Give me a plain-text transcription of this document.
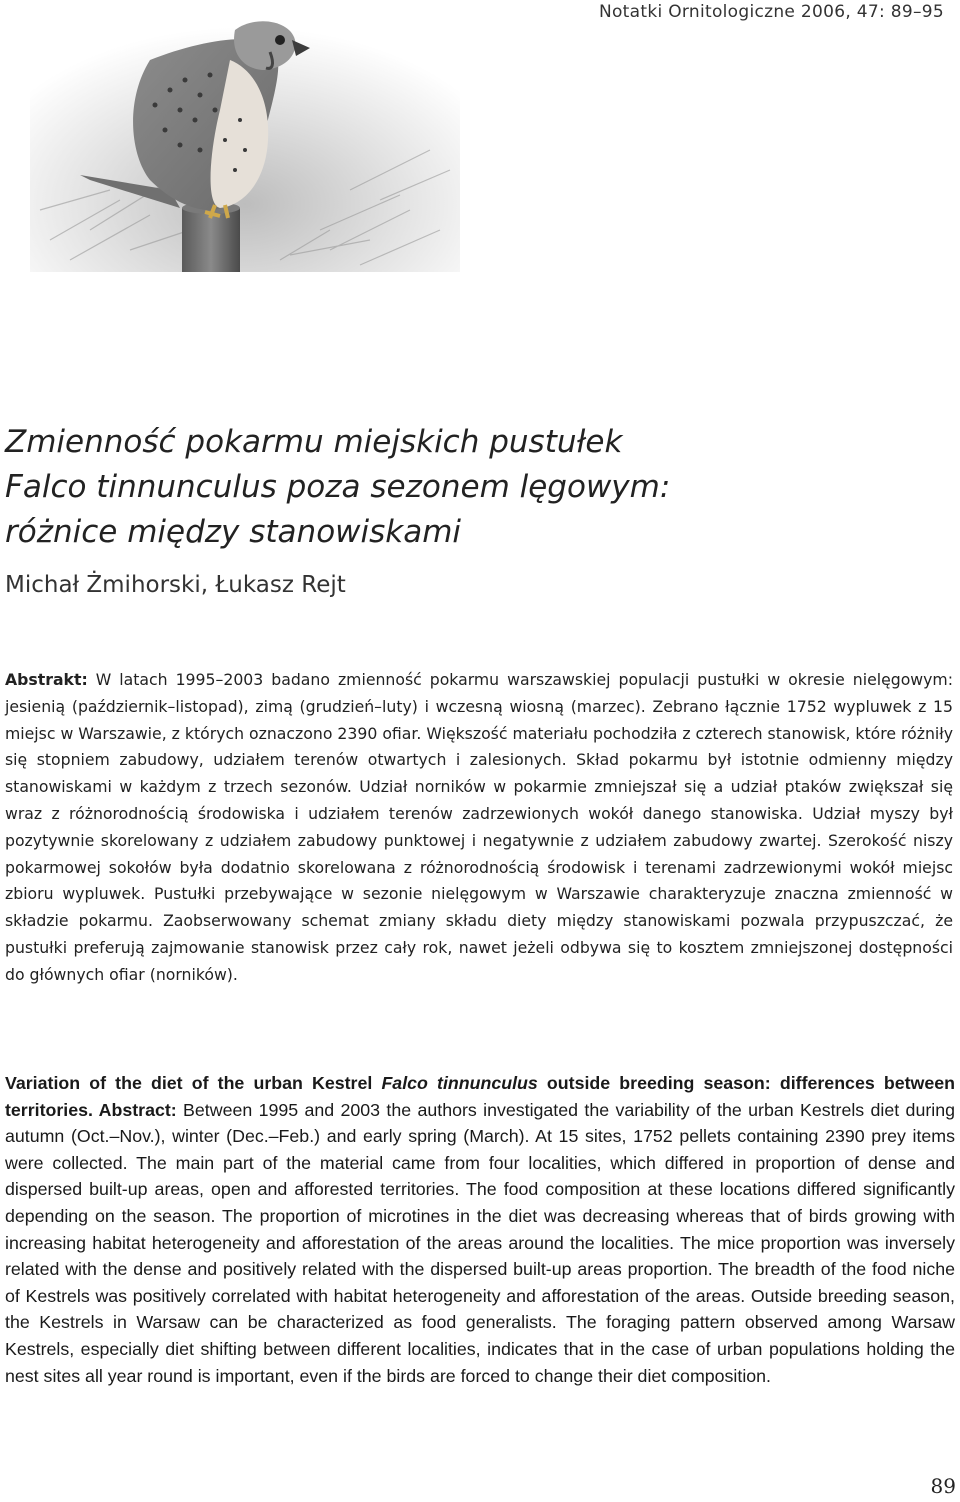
Notatki Ornitologiczne 2006, 47: 89–95
Zmienność pokarmu miejskich pustułek
Falco tinnunculus poza sezonem lęgowym:
różnice między stanowiskami

Michał Żmihorski, Łukasz Rejt

Abstrakt: W latach 1995–2003 badano zmienność pokarmu warszawskiej populacji pustułki w okresie nielęgowym: jesienią (październik–listopad), zimą (grudzień–luty) i wczesną wiosną (marzec). Zebrano łącznie 1752 wypluwek z 15 miejsc w Warszawie, z których oznaczono 2390 ofiar. Większość materiału pochodziła z czterech stanowisk, które różniły się stopniem zabudowy, udziałem terenów otwartych i zalesionych. Skład pokarmu był istotnie odmienny między stanowiskami w każdym z trzech sezonów. Udział norników w pokarmie zmniejszał się a udział ptaków zwiększał się wraz z różnorodnością środowiska i udziałem terenów zadrzewionych wokół danego stanowiska. Udział myszy był pozytywnie skorelowany z udziałem zabudowy punktowej i negatywnie z udziałem zabudowy zwartej. Szerokość niszy pokarmowej sokołów była dodatnio skorelowana z różnorodnością środowisk i terenami zadrzewionymi wokół miejsc zbioru wypluwek. Pustułki przebywające w sezonie nielęgowym w Warszawie charakteryzuje znaczna zmienność w składzie pokarmu. Zaobserwowany schemat zmiany składu diety między stanowiskami pozwala przypuszczać, że pustułki preferują zajmowanie stanowisk przez cały rok, nawet jeżeli odbywa się to kosztem zmniejszonej dostępności do głównych ofiar (norników).

Variation of the diet of the urban Kestrel Falco tinnunculus outside breeding season: differences between territories. Abstract: Between 1995 and 2003 the authors investigated the variability of the urban Kestrels diet during autumn (Oct.–Nov.), winter (Dec.–Feb.) and early spring (March). At 15 sites, 1752 pellets containing 2390 prey items were collected. The main part of the material came from four localities, which differed in proportion of dense and dispersed built-up areas, open and afforested territories. The food composition at these locations differed significantly depending on the season. The proportion of microtines in the diet was decreasing whereas that of birds growing with increasing habitat heterogeneity and afforestation of the areas around the localities. The mice proportion was inversely related with the dense and positively related with the dispersed built-up areas proportion. The breadth of the food niche of Kestrels was positively correlated with habitat heterogeneity and afforestation of the areas. Outside breeding season, the Kestrels in Warsaw can be characterized as food generalists. The foraging pattern observed among Warsaw Kestrels, especially diet shifting between different localities, indicates that in the case of urban populations holding the nest sites all year round is important, even if the birds are forced to change their diet composition.

89
